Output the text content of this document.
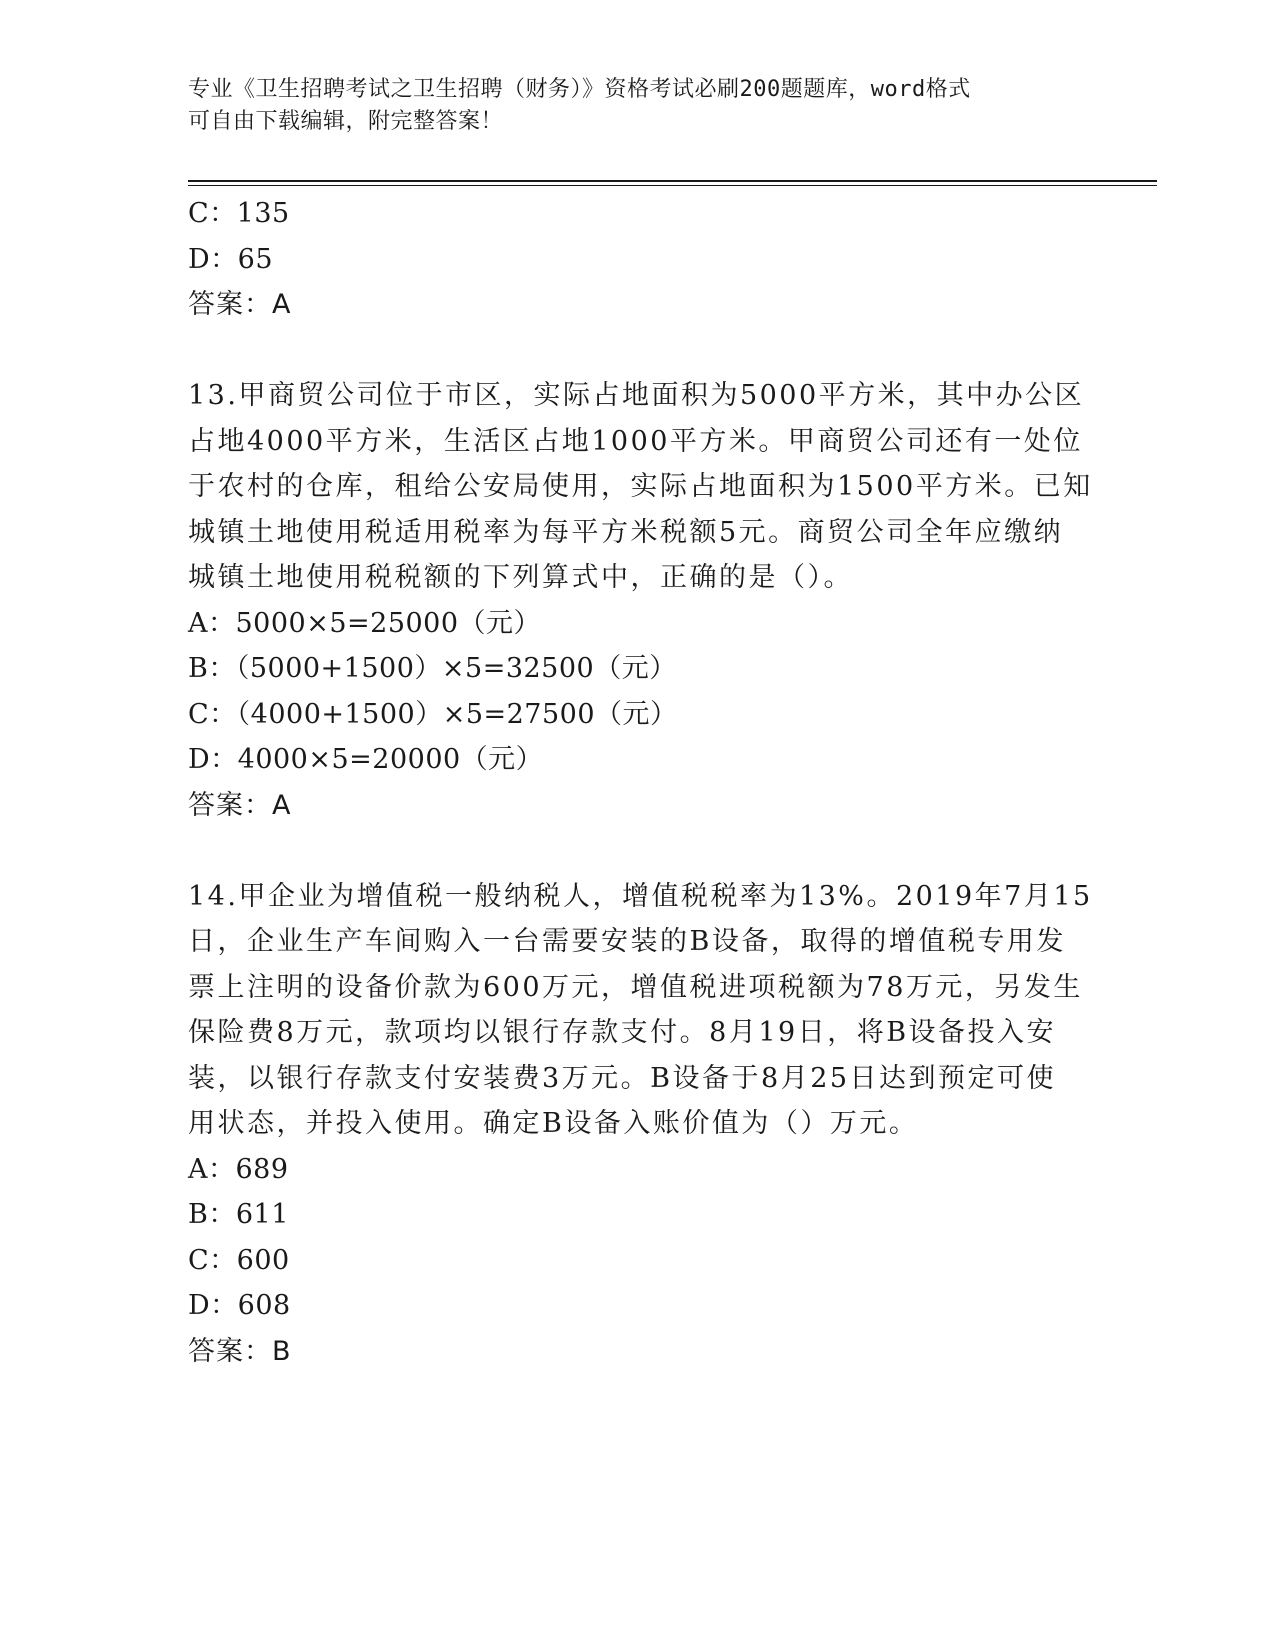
专业《卫生招聘考试之卫生招聘（财务）》资格考试必刷200题题库，word格式
可自由下载编辑，附完整答案！
C：135
D：65
答案：A
13.甲商贸公司位于市区，实际占地面积为5000平方米，其中办公区
占地4000平方米，生活区占地1000平方米。甲商贸公司还有一处位
于农村的仓库，租给公安局使用，实际占地面积为1500平方米。已知
城镇土地使用税适用税率为每平方米税额5元。商贸公司全年应缴纳
城镇土地使用税税额的下列算式中，正确的是（）。
A：5000×5=25000（元）
B：（5000+1500）×5=32500（元）
C：（4000+1500）×5=27500（元）
D：4000×5=20000（元）
答案：A
14.甲企业为增值税一般纳税人，增值税税率为13%。2019年7月15
日，企业生产车间购入一台需要安装的B设备，取得的增值税专用发
票上注明的设备价款为600万元，增值税进项税额为78万元，另发生
保险费8万元，款项均以银行存款支付。8月19日，将B设备投入安
装，以银行存款支付安装费3万元。B设备于8月25日达到预定可使
用状态，并投入使用。确定B设备入账价值为（）万元。
A：689
B：611
C：600
D：608
答案：B
